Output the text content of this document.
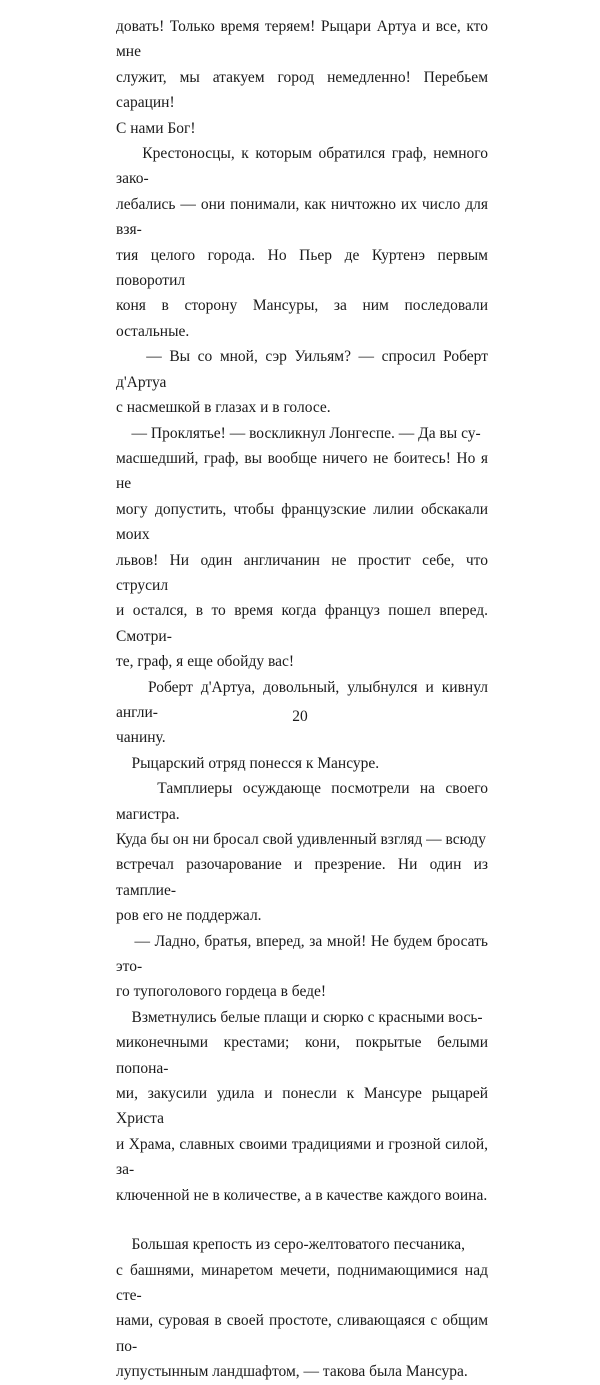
довать! Только время теряем! Рыцари Артуа и все, кто мне
служит, мы атакуем город немедленно! Перебьем сарацин!
С нами Бог!

Крестоносцы, к которым обратился граф, немного зако-
лебались — они понимали, как ничтожно их число для взя-
тия целого города. Но Пьер де Куртенэ первым поворотил
коня в сторону Мансуры, за ним последовали остальные.

— Вы со мной, сэр Уильям? — спросил Роберт д'Артуа
с насмешкой в глазах и в голосе.

— Проклятье! — воскликнул Лонгеспе. — Да вы су-
масшедший, граф, вы вообще ничего не боитесь! Но я не
могу допустить, чтобы французские лилии обскакали моих
львов! Ни один англичанин не простит себе, что струсил
и остался, в то время когда француз пошел вперед. Смотри-
те, граф, я еще обойду вас!

Роберт д'Артуа, довольный, улыбнулся и кивнул англи-
чанину.

Рыцарский отряд понесся к Мансуре.

Тамплиеры осуждающе посмотрели на своего магистра.
Куда бы он ни бросал свой удивленный взгляд — всюду
встречал разочарование и презрение. Ни один из тамплие-
ров его не поддержал.

— Ладно, братья, вперед, за мной! Не будем бросать это-
го тупоголового гордеца в беде!

Взметнулись белые плащи и сюрко с красными вось-
миконечными крестами; кони, покрытые белыми попона-
ми, закусили удила и понесли к Мансуре рыцарей Христа
и Храма, славных своими традициями и грозной силой, за-
ключенной не в количестве, а в качестве каждого воина.

Большая крепость из серо-желтоватого песчаника,
с башнями, минаретом мечети, поднимающимися над сте-
нами, суровая в своей простоте, сливающаяся с общим по-
лупустынным ландшафтом, — такова была Мансура.

20
